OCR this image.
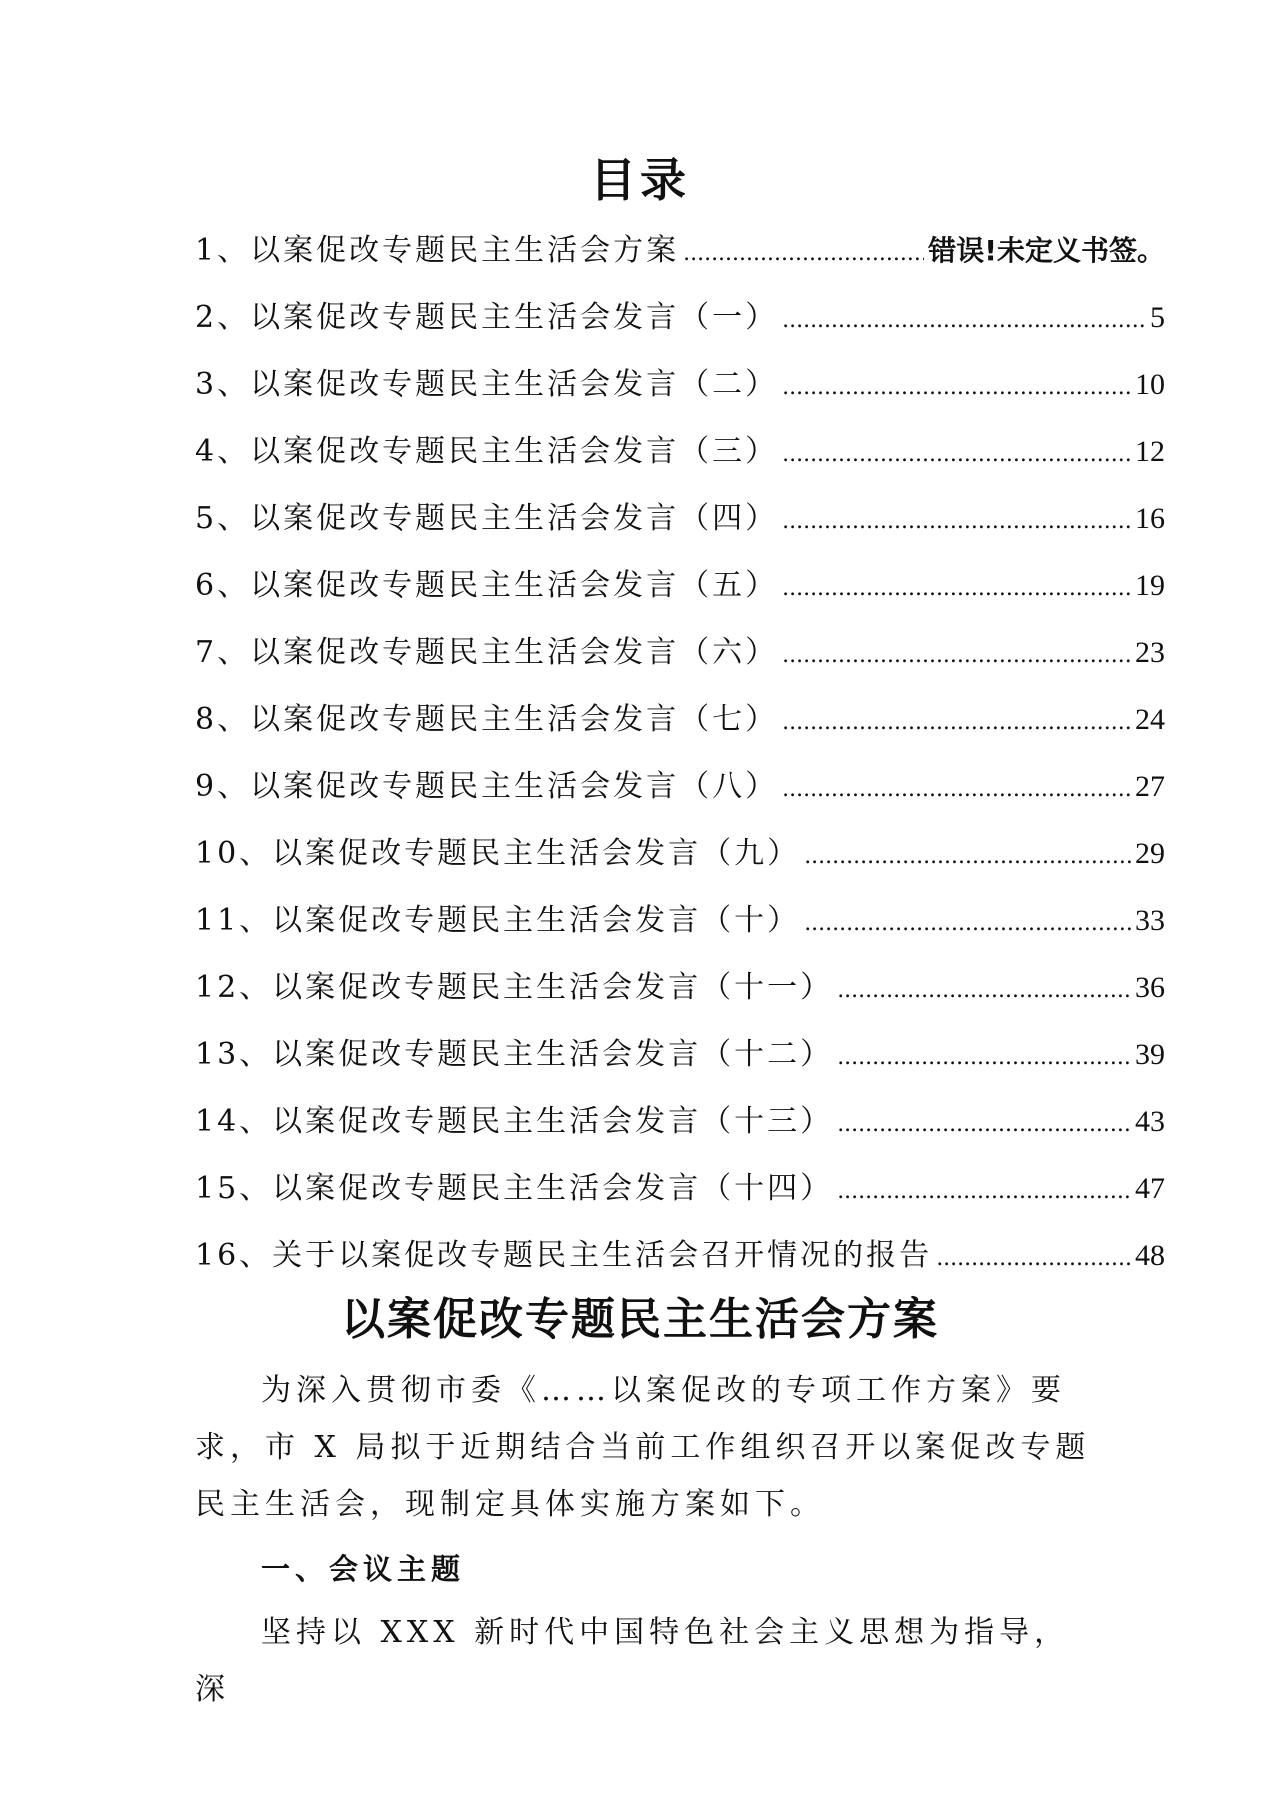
目录
1、以案促改专题民主生活会方案 .....	错误!未定义书签。
2、以案促改专题民主生活会发言（一） .....	5
3、以案促改专题民主生活会发言（二） .....	10
4、以案促改专题民主生活会发言（三） .....	12
5、以案促改专题民主生活会发言（四） .....	16
6、以案促改专题民主生活会发言（五） .....	19
7、以案促改专题民主生活会发言（六） .....	23
8、以案促改专题民主生活会发言（七） .....	24
9、以案促改专题民主生活会发言（八） .....	27
10、以案促改专题民主生活会发言（九） .....	29
11、以案促改专题民主生活会发言（十） .....	33
12、以案促改专题民主生活会发言（十一） .....	36
13、以案促改专题民主生活会发言（十二） .....	39
14、以案促改专题民主生活会发言（十三） .....	43
15、以案促改专题民主生活会发言（十四） .....	47
16、关于以案促改专题民主生活会召开情况的报告 .....	48
以案促改专题民主生活会方案

为深入贯彻市委《……以案促改的专项工作方案》要求，市 X 局拟于近期结合当前工作组织召开以案促改专题民主生活会，现制定具体实施方案如下。

一、会议主题

坚持以 XXX 新时代中国特色社会主义思想为指导，深
